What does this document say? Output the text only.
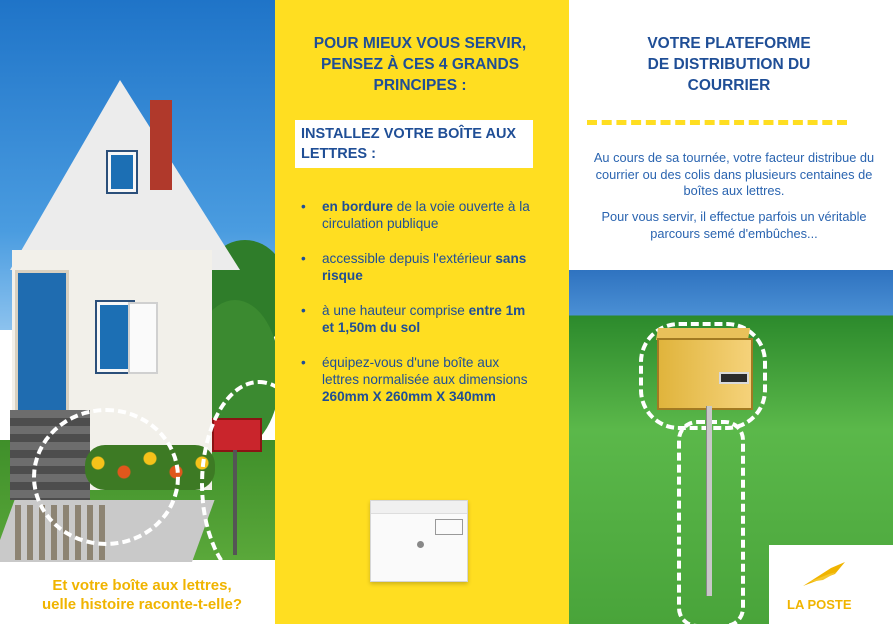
Et votre boîte aux lettres,
uelle histoire raconte-t-elle?
POUR MIEUX VOUS SERVIR,
PENSEZ À CES 4 GRANDS
PRINCIPES :
INSTALLEZ VOTRE BOÎTE AUX LETTRES :
• en bordure de la voie ouverte à la circulation publique
• accessible depuis l'extérieur sans risque
• à une hauteur comprise entre 1m et 1,50m du sol
• équipez-vous d'une boîte aux lettres normalisée aux dimensions 260mm X 260mm X 340mm
VOTRE PLATEFORME
DE DISTRIBUTION DU
COURRIER
Au cours de sa tournée, votre facteur distribue du courrier ou des colis dans plusieurs centaines de boîtes aux lettres.
Pour vous servir, il effectue parfois un véritable parcours semé d'embûches...
LA POSTE
